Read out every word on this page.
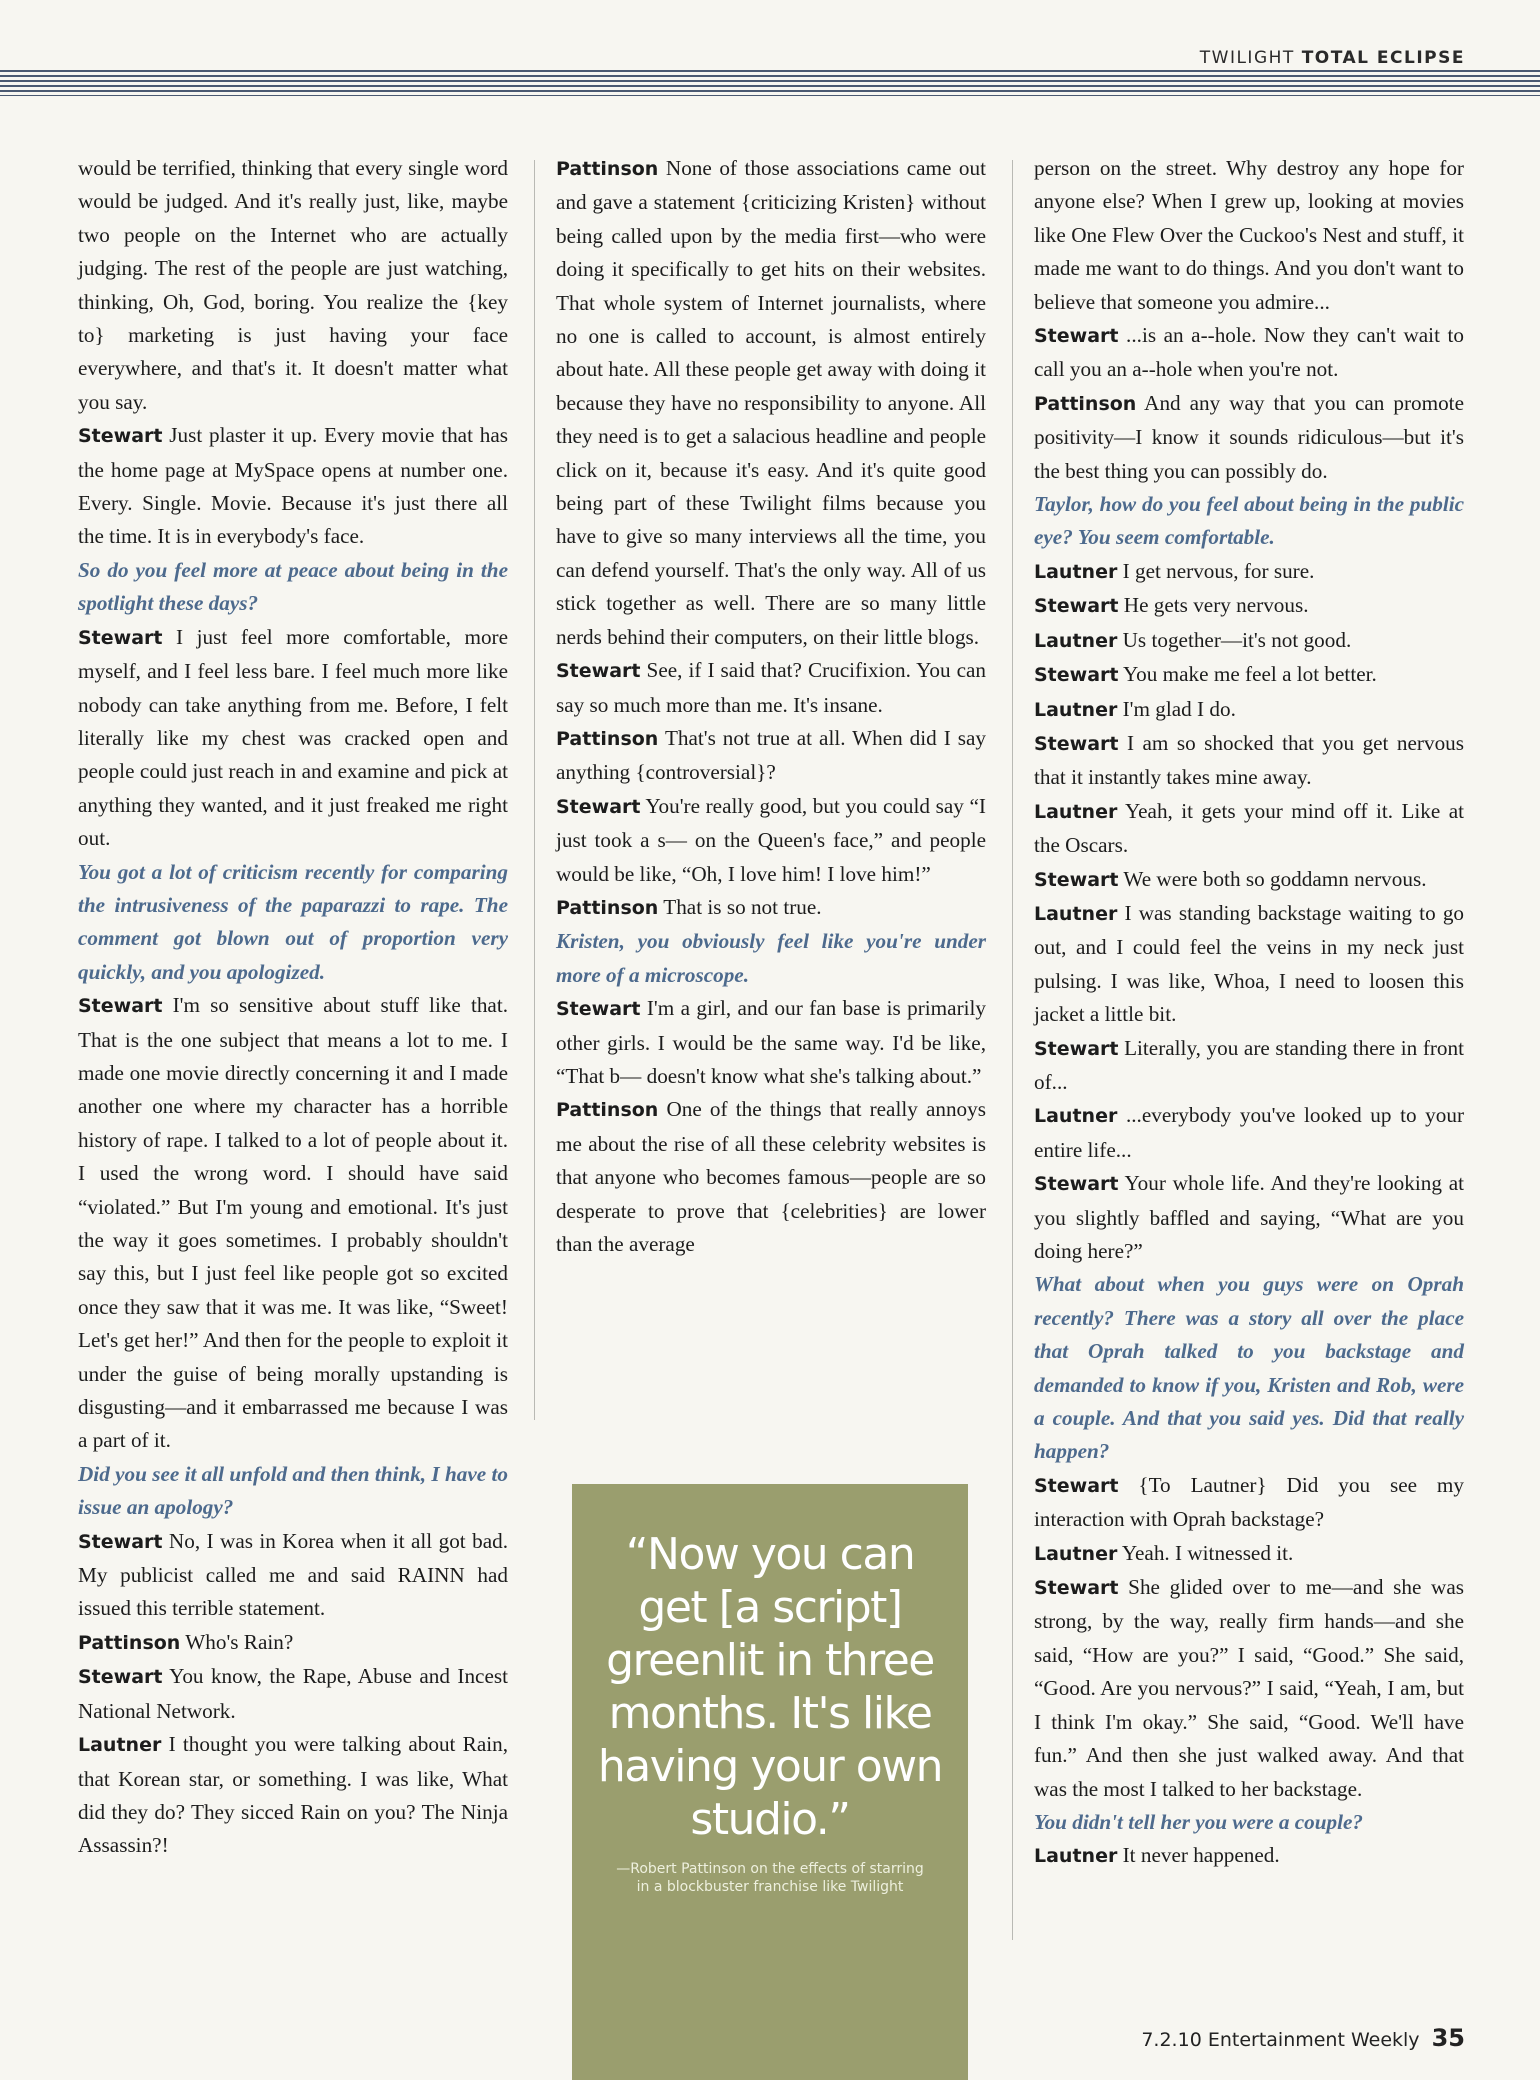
TWILIGHT TOTAL ECLIPSE

would be terrified, thinking that every single word would be judged. And it's really just, like, maybe two people on the Internet who are actually judging. The rest of the people are just watching, thinking, Oh, God, boring. You realize the {key to} marketing is just having your face everywhere, and that's it. It doesn't matter what you say.

Stewart Just plaster it up. Every movie that has the home page at MySpace opens at number one. Every. Single. Movie. Because it's just there all the time. It is in everybody's face.

So do you feel more at peace about being in the spotlight these days?

Stewart I just feel more comfortable, more myself, and I feel less bare. I feel much more like nobody can take anything from me. Before, I felt literally like my chest was cracked open and people could just reach in and examine and pick at anything they wanted, and it just freaked me right out.

You got a lot of criticism recently for comparing the intrusiveness of the paparazzi to rape. The comment got blown out of proportion very quickly, and you apologized.

Stewart I'm so sensitive about stuff like that. That is the one subject that means a lot to me. I made one movie directly concerning it and I made another one where my character has a horrible history of rape. I talked to a lot of people about it. I used the wrong word. I should have said “violated.” But I'm young and emotional. It's just the way it goes sometimes. I probably shouldn't say this, but I just feel like people got so excited once they saw that it was me. It was like, “Sweet! Let's get her!” And then for the people to exploit it under the guise of being morally upstanding is disgusting—and it embarrassed me because I was a part of it.

Did you see it all unfold and then think, I have to issue an apology?

Stewart No, I was in Korea when it all got bad. My publicist called me and said RAINN had issued this terrible statement.

Pattinson Who's Rain?

Stewart You know, the Rape, Abuse and Incest National Network.

Lautner I thought you were talking about Rain, that Korean star, or something. I was like, What did they do? They sicced Rain on you? The Ninja Assassin?!

Pattinson None of those associations came out and gave a statement {criticizing Kristen} without being called upon by the media first—who were doing it specifically to get hits on their websites. That whole system of Internet journalists, where no one is called to account, is almost entirely about hate. All these people get away with doing it because they have no responsibility to anyone. All they need is to get a salacious headline and people click on it, because it's easy. And it's quite good being part of these Twilight films because you have to give so many interviews all the time, you can defend yourself. That's the only way. All of us stick together as well. There are so many little nerds behind their computers, on their little blogs.

Stewart See, if I said that? Crucifixion. You can say so much more than me. It's insane.

Pattinson That's not true at all. When did I say anything {controversial}?

Stewart You're really good, but you could say “I just took a s— on the Queen's face,” and people would be like, “Oh, I love him! I love him!”

Pattinson That is so not true.

Kristen, you obviously feel like you're under more of a microscope.

Stewart I'm a girl, and our fan base is primarily other girls. I would be the same way. I'd be like, “That b— doesn't know what she's talking about.”

Pattinson One of the things that really annoys me about the rise of all these celebrity websites is that anyone who becomes famous—people are so desperate to prove that {celebrities} are lower than the average

person on the street. Why destroy any hope for anyone else? When I grew up, looking at movies like One Flew Over the Cuckoo's Nest and stuff, it made me want to do things. And you don't want to believe that someone you admire...

Stewart ...is an a--hole. Now they can't wait to call you an a--hole when you're not.

Pattinson And any way that you can promote positivity—I know it sounds ridiculous—but it's the best thing you can possibly do.

Taylor, how do you feel about being in the public eye? You seem comfortable.

Lautner I get nervous, for sure.

Stewart He gets very nervous.

Lautner Us together—it's not good.

Stewart You make me feel a lot better.

Lautner I'm glad I do.

Stewart I am so shocked that you get nervous that it instantly takes mine away.

Lautner Yeah, it gets your mind off it. Like at the Oscars.

Stewart We were both so goddamn nervous.

Lautner I was standing backstage waiting to go out, and I could feel the veins in my neck just pulsing. I was like, Whoa, I need to loosen this jacket a little bit.

Stewart Literally, you are standing there in front of...

Lautner ...everybody you've looked up to your entire life...

Stewart Your whole life. And they're looking at you slightly baffled and saying, “What are you doing here?”

What about when you guys were on Oprah recently? There was a story all over the place that Oprah talked to you backstage and demanded to know if you, Kristen and Rob, were a couple. And that you said yes. Did that really happen?

Stewart {To Lautner} Did you see my interaction with Oprah backstage?

Lautner Yeah. I witnessed it.

Stewart She glided over to me—and she was strong, by the way, really firm hands—and she said, “How are you?” I said, “Good.” She said, “Good. Are you nervous?” I said, “Yeah, I am, but I think I'm okay.” She said, “Good. We'll have fun.” And then she just walked away. And that was the most I talked to her backstage.

You didn't tell her you were a couple?

Lautner It never happened.

“Now you can get [a script] greenlit in three months. It's like having your own studio.”
—Robert Pattinson on the effects of starring in a blockbuster franchise like Twilight
7.2.10 Entertainment Weekly 35
